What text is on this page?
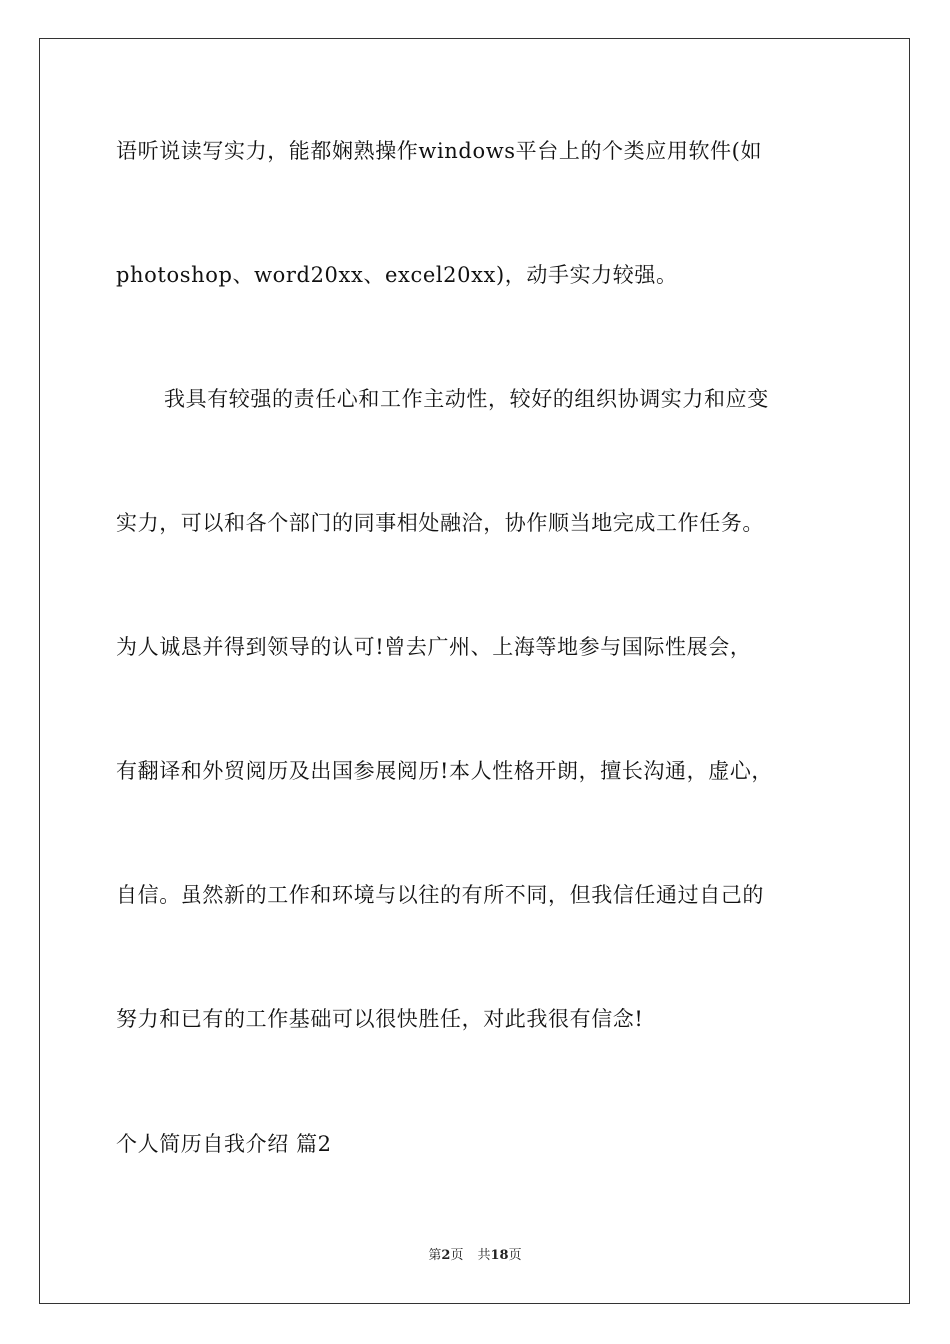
语听说读写实力，能都娴熟操作windows平台上的个类应用软件(如
photoshop、word20xx、excel20xx)，动手实力较强。
我具有较强的责任心和工作主动性，较好的组织协调实力和应变
实力，可以和各个部门的同事相处融洽，协作顺当地完成工作任务。
为人诚恳并得到领导的认可!曾去广州、上海等地参与国际性展会，
有翻译和外贸阅历及出国参展阅历!本人性格开朗，擅长沟通，虚心，
自信。虽然新的工作和环境与以往的有所不同，但我信任通过自己的
努力和已有的工作基础可以很快胜任，对此我很有信念!
个人简历自我介绍 篇2
第2页 共18页
